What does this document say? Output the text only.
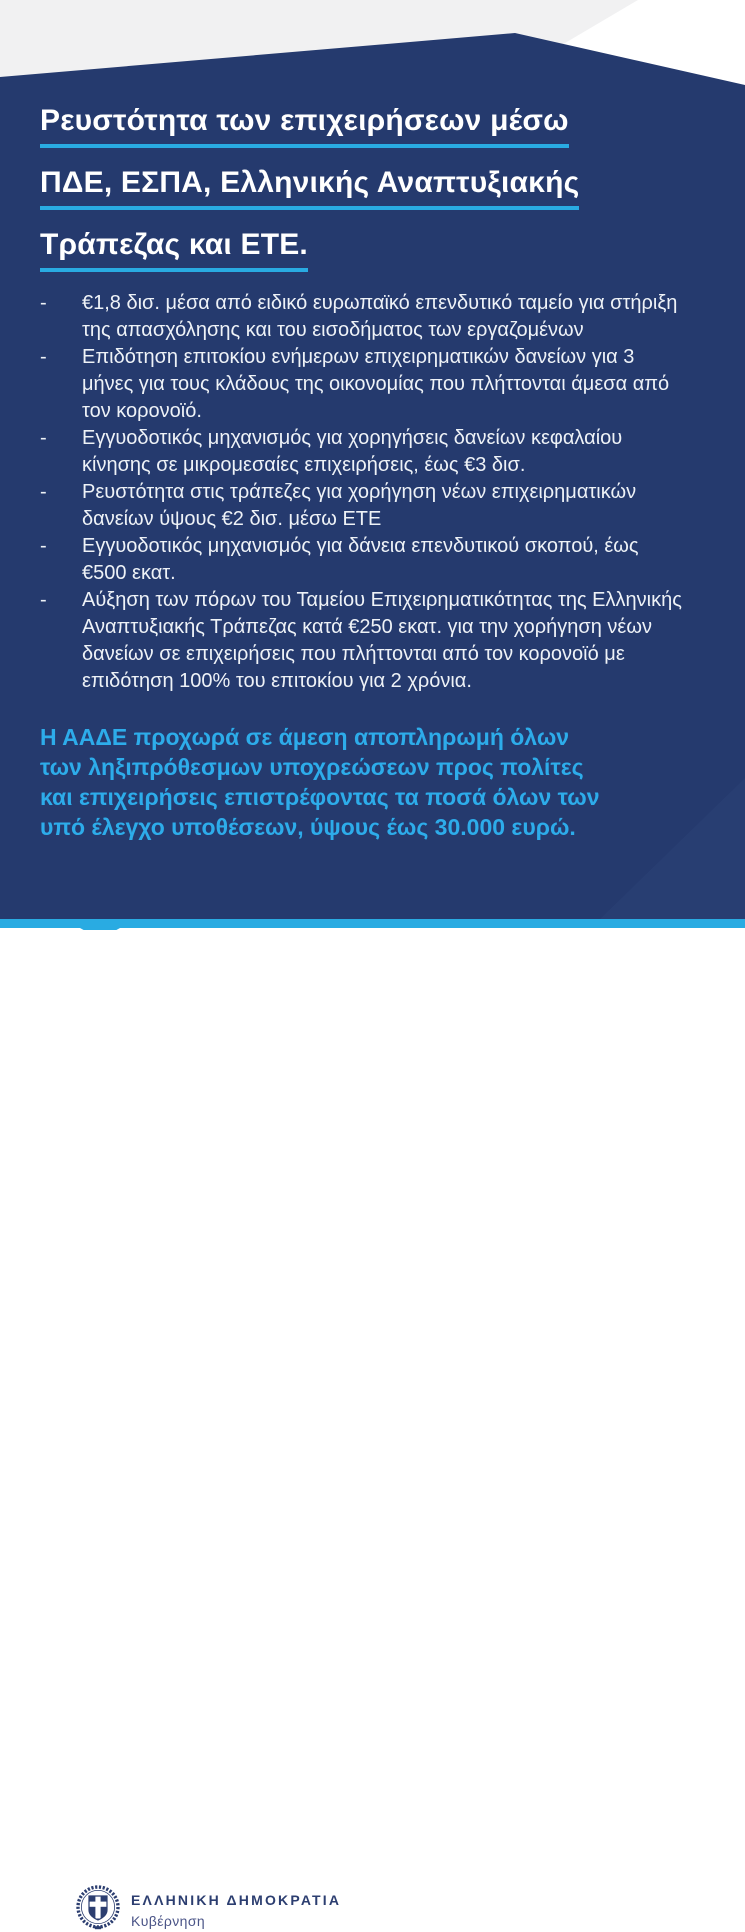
Ρευστότητα των επιχειρήσεων μέσω
ΠΔΕ, ΕΣΠΑ, Ελληνικής Αναπτυξιακής
Τράπεζας και ΕΤΕ.
-	€1,8 δισ. μέσα από ειδικό ευρωπαϊκό επενδυτικό ταμείο για στήριξη της απασχόλησης και του εισοδήματος των εργαζομένων
-	Επιδότηση επιτοκίου ενήμερων επιχειρηματικών δανείων για 3 μήνες για τους κλάδους της οικονομίας που πλήττονται άμεσα από τον κορονοϊό.
-	Εγγυοδοτικός μηχανισμός για χορηγήσεις δανείων κεφαλαίου κίνησης σε μικρομεσαίες επιχειρήσεις, έως €3 δισ.
-	Ρευστότητα στις τράπεζες για χορήγηση νέων επιχειρηματικών δανείων ύψους €2 δισ. μέσω ΕΤΕ
-	Εγγυοδοτικός μηχανισμός για δάνεια επενδυτικού σκοπού, έως €500 εκατ.
-	Αύξηση των πόρων του Ταμείου Επιχειρηματικότητας της Ελληνικής Αναπτυξιακής Τράπεζας κατά €250 εκατ. για την χορήγηση νέων δανείων σε επιχειρήσεις που πλήττονται από τον κορονοϊό με επιδότηση 100% του επιτοκίου για 2 χρόνια.

Η ΑΑΔΕ προχωρά σε άμεση αποπληρωμή όλων των ληξιπρόθεσμων υποχρεώσεων προς πολίτες και επιχειρήσεις επιστρέφοντας τα ποσά όλων των υπό έλεγχο υποθέσεων, ύψους έως 30.000 ευρώ.

ΕΛΛΗΝΙΚΗ ΔΗΜΟΚΡΑΤΙΑ
Κυβέρνηση
